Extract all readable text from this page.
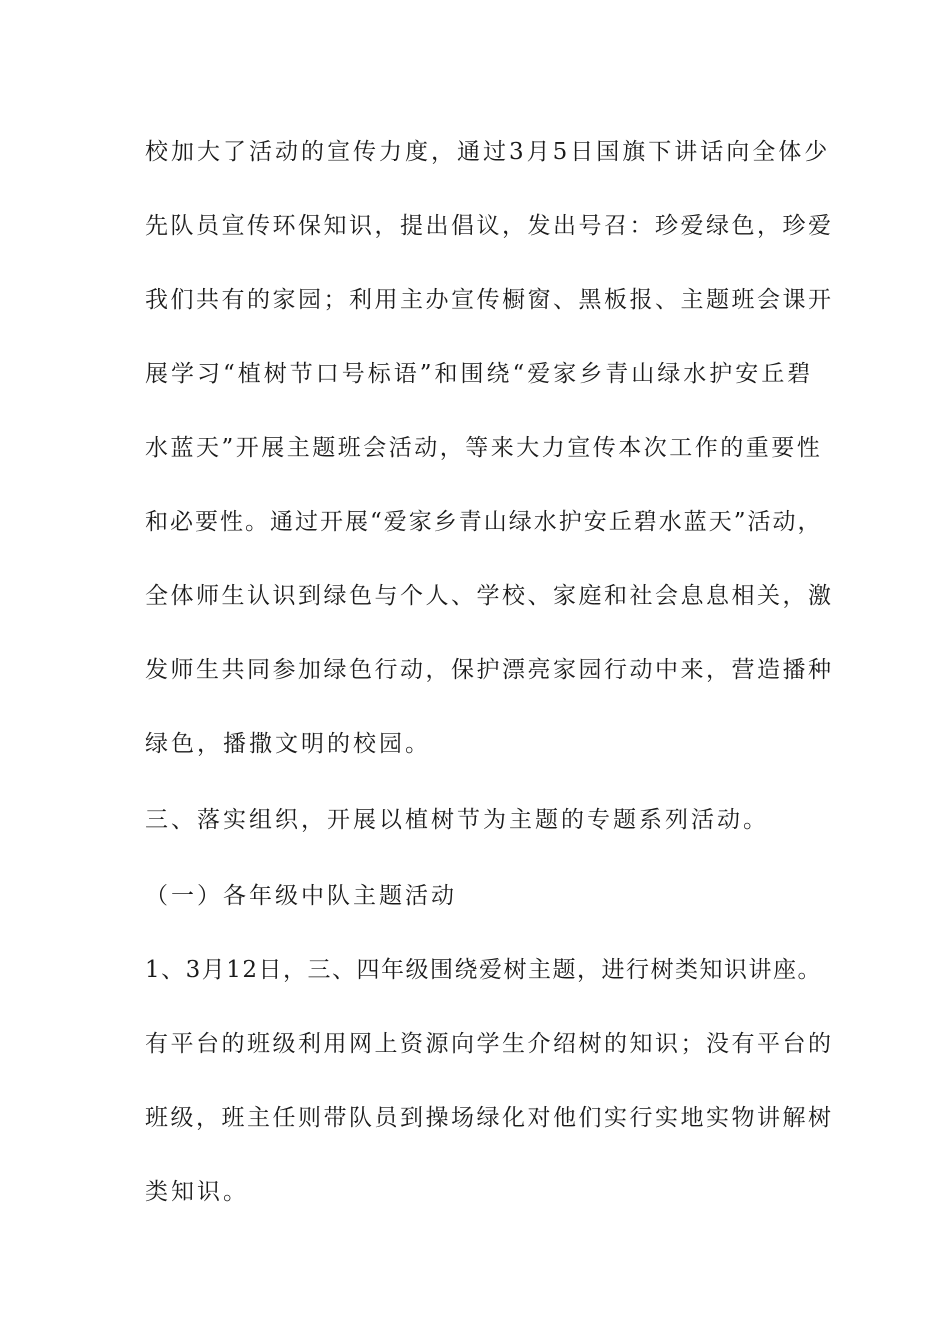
校加大了活动的宣传力度，通过3月5日国旗下讲话向全体少
先队员宣传环保知识，提出倡议，发出号召：珍爱绿色，珍爱
我们共有的家园；利用主办宣传橱窗、黑板报、主题班会课开
展学习“植树节口号标语”和围绕“爱家乡青山绿水护安丘碧
水蓝天”开展主题班会活动，等来大力宣传本次工作的重要性
和必要性。通过开展“爱家乡青山绿水护安丘碧水蓝天”活动，
全体师生认识到绿色与个人、学校、家庭和社会息息相关，激
发师生共同参加绿色行动，保护漂亮家园行动中来，营造播种
绿色，播撒文明的校园。
三、落实组织，开展以植树节为主题的专题系列活动。
（一）各年级中队主题活动
1、3月12日，三、四年级围绕爱树主题，进行树类知识讲座。
有平台的班级利用网上资源向学生介绍树的知识；没有平台的
班级，班主任则带队员到操场绿化对他们实行实地实物讲解树
类知识。
